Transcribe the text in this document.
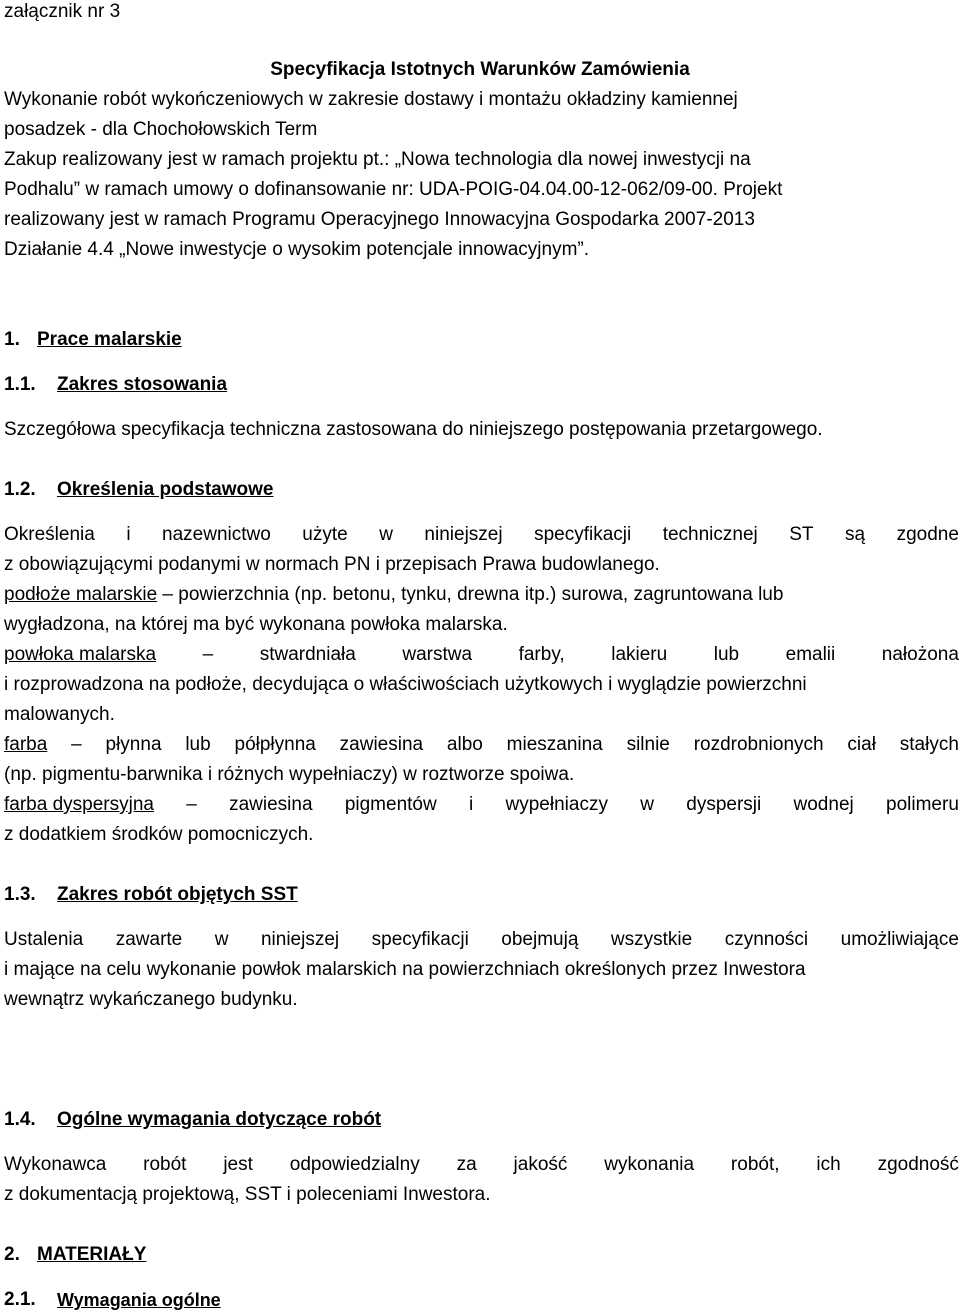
załącznik nr 3

Specyfikacja Istotnych Warunków Zamówienia

Wykonanie robót wykończeniowych w zakresie dostawy i montażu okładziny kamiennej

posadzek - dla Chochołowskich Term

Zakup realizowany jest w ramach projektu pt.: „Nowa technologia dla nowej inwestycji na

Podhalu” w ramach umowy o dofinansowanie nr: UDA-POIG-04.04.00-12-062/09-00. Projekt

realizowany jest w ramach Programu Operacyjnego Innowacyjna Gospodarka 2007-2013

Działanie 4.4 „Nowe inwestycje o wysokim potencjale innowacyjnym”.

1. Prace malarskie

1.1. Zakres stosowania

Szczegółowa specyfikacja techniczna zastosowana do niniejszego postępowania przetargowego.

1.2. Określenia podstawowe

Określenia i nazewnictwo użyte w niniejszej specyfikacji technicznej ST są zgodne

z obowiązującymi podanymi w normach PN i przepisach Prawa budowlanego.

podłoże malarskie – powierzchnia (np. betonu, tynku, drewna itp.) surowa, zagruntowana lub

wygładzona, na której ma być wykonana powłoka malarska.

powłoka malarska – stwardniała warstwa farby, lakieru lub emalii nałożona

i rozprowadzona na podłoże, decydująca o właściwościach użytkowych i wyglądzie powierzchni

malowanych.

farba – płynna lub półpłynna zawiesina albo mieszanina silnie rozdrobnionych ciał stałych

(np. pigmentu-barwnika i różnych wypełniaczy) w roztworze spoiwa.

farba dyspersyjna – zawiesina pigmentów i wypełniaczy w dyspersji wodnej polimeru

z dodatkiem środków pomocniczych.

1.3. Zakres robót objętych SST

Ustalenia zawarte w niniejszej specyfikacji obejmują wszystkie czynności umożliwiające

i mające na celu wykonanie powłok malarskich na powierzchniach określonych przez Inwestora

wewnątrz wykańczanego budynku.

1.4. Ogólne wymagania dotyczące robót

Wykonawca robót jest odpowiedzialny za jakość wykonania robót, ich zgodność

z dokumentacją projektową, SST i poleceniami Inwestora.

2. MATERIAŁY

2.1. Wymagania ogólne
